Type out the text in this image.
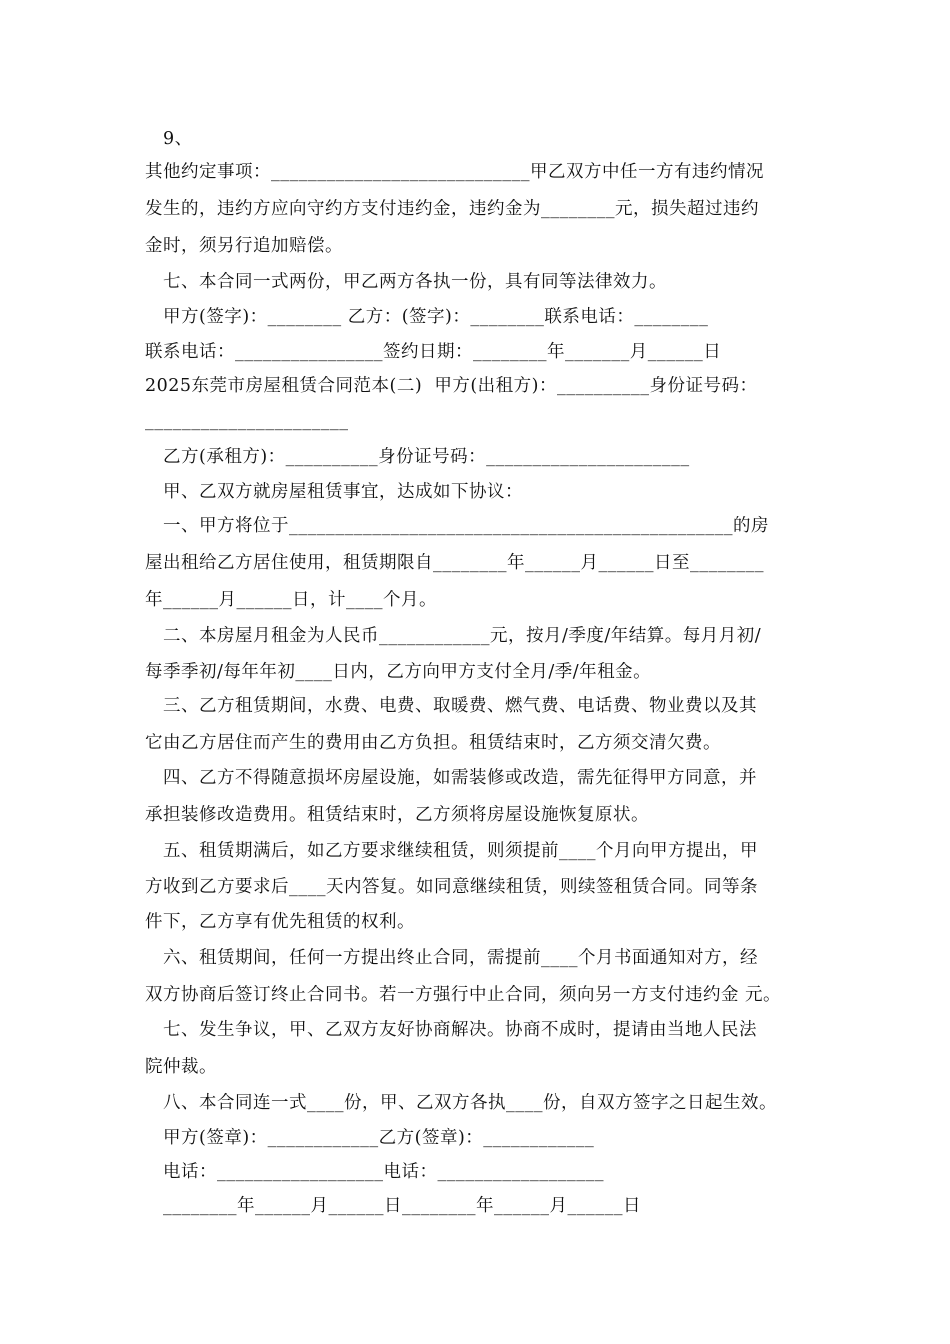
9、
其他约定事项：____________________________甲乙双方中任一方有违约情况
发生的，违约方应向守约方支付违约金，违约金为________元，损失超过违约
金时，须另行追加赔偿。
七、本合同一式两份，甲乙两方各执一份，具有同等法律效力。
甲方(签字)：________ 乙方：(签字)：________联系电话：________
联系电话：________________签约日期：________年_______月______日
2025东莞市房屋租赁合同范本(二)  甲方(出租方)：__________身份证号码：
______________________
乙方(承租方)：__________身份证号码：______________________
甲、乙双方就房屋租赁事宜，达成如下协议：
一、甲方将位于________________________________________________的房
屋出租给乙方居住使用，租赁期限自________年______月______日至________
年______月______日，计____个月。
二、本房屋月租金为人民币____________元，按月/季度/年结算。每月月初/
每季季初/每年年初____日内，乙方向甲方支付全月/季/年租金。
三、乙方租赁期间，水费、电费、取暖费、燃气费、电话费、物业费以及其
它由乙方居住而产生的费用由乙方负担。租赁结束时，乙方须交清欠费。
四、乙方不得随意损坏房屋设施，如需装修或改造，需先征得甲方同意，并
承担装修改造费用。租赁结束时，乙方须将房屋设施恢复原状。
五、租赁期满后，如乙方要求继续租赁，则须提前____个月向甲方提出，甲
方收到乙方要求后____天内答复。如同意继续租赁，则续签租赁合同。同等条
件下，乙方享有优先租赁的权利。
六、租赁期间，任何一方提出终止合同，需提前____个月书面通知对方，经
双方协商后签订终止合同书。若一方强行中止合同，须向另一方支付违约金 元。
七、发生争议，甲、乙双方友好协商解决。协商不成时，提请由当地人民法
院仲裁。
八、本合同连一式____份，甲、乙双方各执____份，自双方签字之日起生效。
甲方(签章)：____________乙方(签章)：____________
电话：__________________电话：__________________
________年______月______日________年______月______日
